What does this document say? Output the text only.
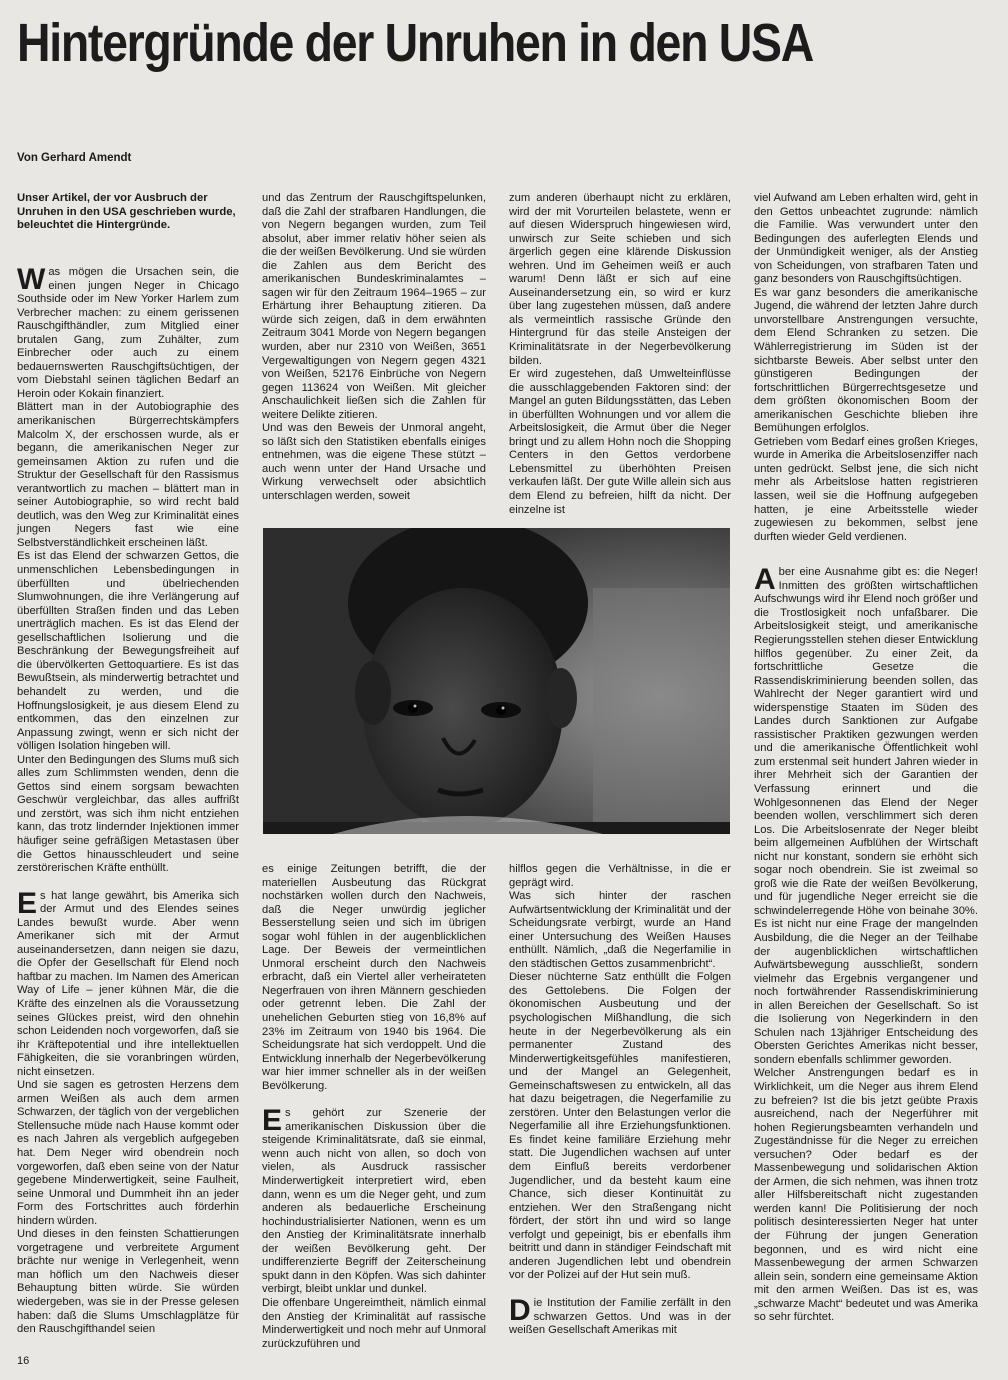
Hintergründe der Unruhen in den USA
Von Gerhard Amendt

Unser Artikel, der vor Ausbruch der Unruhen in den USA geschrieben wurde, beleuchtet die Hintergründe.

Was mögen die Ursachen sein, die einen jungen Neger in Chicago Southside oder im New Yorker Harlem zum Verbrecher machen: zu einem gerissenen Rauschgifthändler, zum Mitglied einer brutalen Gang, zum Zuhälter, zum Einbrecher oder auch zu einem bedauernswerten Rauschgiftsüchtigen, der vom Diebstahl seinen täglichen Bedarf an Heroin oder Kokain finanziert.

Blättert man in der Autobiographie des amerikanischen Bürgerrechtskämpfers Malcolm X, der erschossen wurde, als er begann, die amerikanischen Neger zur gemeinsamen Aktion zu rufen und die Struktur der Gesellschaft für den Rassismus verantwortlich zu machen – blättert man in seiner Autobiographie, so wird recht bald deutlich, was den Weg zur Kriminalität eines jungen Negers fast wie eine Selbstverständlichkeit erscheinen läßt.

Es ist das Elend der schwarzen Gettos, die unmenschlichen Lebensbedingungen in überfüllten und übelriechenden Slumwohnungen, die ihre Verlängerung auf überfüllten Straßen finden und das Leben unerträglich machen. Es ist das Elend der gesellschaftlichen Isolierung und die Beschränkung der Bewegungsfreiheit auf die übervölkerten Gettoquartiere. Es ist das Bewußtsein, als minderwertig betrachtet und behandelt zu werden, und die Hoffnungslosigkeit, je aus diesem Elend zu entkommen, das den einzelnen zur Anpassung zwingt, wenn er sich nicht der völligen Isolation hingeben will.

Unter den Bedingungen des Slums muß sich alles zum Schlimmsten wenden, denn die Gettos sind einem sorgsam bewachten Geschwür vergleichbar, das alles auffrißt und zerstört, was sich ihm nicht entziehen kann, das trotz lindernder Injektionen immer häufiger seine gefräßigen Metastasen über die Gettos hinausschleudert und seine zerstörerischen Kräfte enthüllt.

Es hat lange gewährt, bis Amerika sich der Armut und des Elendes seines Landes bewußt wurde. Aber wenn Amerikaner sich mit der Armut auseinandersetzen, dann neigen sie dazu, die Opfer der Gesellschaft für Elend noch haftbar zu machen. Im Namen des American Way of Life – jener kühnen Mär, die die Kräfte des einzelnen als die Voraussetzung seines Glückes preist, wird den ohnehin schon Leidenden noch vorgeworfen, daß sie ihr Kräftepotential und ihre intellektuellen Fähigkeiten, die sie voranbringen würden, nicht einsetzen.

Und sie sagen es getrosten Herzens dem armen Weißen als auch dem armen Schwarzen, der täglich von der vergeblichen Stellensuche müde nach Hause kommt oder es nach Jahren als vergeblich aufgegeben hat. Dem Neger wird obendrein noch vorgeworfen, daß eben seine von der Natur gegebene Minderwertigkeit, seine Faulheit, seine Unmoral und Dummheit ihn an jeder Form des Fortschrittes auch förderhin hindern würden.

Und dieses in den feinsten Schattierungen vorgetragene und verbreitete Argument brächte nur wenige in Verlegenheit, wenn man höflich um den Nachweis dieser Behauptung bitten würde. Sie würden wiedergeben, was sie in der Presse gelesen haben: daß die Slums Umschlagplätze für den Rauschgifthandel seien

und das Zentrum der Rauschgiftspelunken, daß die Zahl der strafbaren Handlungen, die von Negern begangen wurden, zum Teil absolut, aber immer relativ höher seien als die der weißen Bevölkerung. Und sie würden die Zahlen aus dem Bericht des amerikanischen Bundeskriminalamtes – sagen wir für den Zeitraum 1964–1965 – zur Erhärtung ihrer Behauptung zitieren. Da würde sich zeigen, daß in dem erwähnten Zeitraum 3041 Morde von Negern begangen wurden, aber nur 2310 von Weißen, 3651 Vergewaltigungen von Negern gegen 4321 von Weißen, 52176 Einbrüche von Negern gegen 113624 von Weißen. Mit gleicher Anschaulichkeit ließen sich die Zahlen für weitere Delikte zitieren.

Und was den Beweis der Unmoral angeht, so läßt sich den Statistiken ebenfalls einiges entnehmen, was die eigene These stützt – auch wenn unter der Hand Ursache und Wirkung verwechselt oder absichtlich unterschlagen werden, soweit

zum anderen überhaupt nicht zu erklären, wird der mit Vorurteilen belastete, wenn er auf diesen Widerspruch hingewiesen wird, unwirsch zur Seite schieben und sich ärgerlich gegen eine klärende Diskussion wehren. Und im Geheimen weiß er auch warum! Denn läßt er sich auf eine Auseinandersetzung ein, so wird er kurz über lang zugestehen müssen, daß andere als vermeintlich rassische Gründe den Hintergrund für das steile Ansteigen der Kriminalitätsrate in der Negerbevölkerung bilden.

Er wird zugestehen, daß Umwelteinflüsse die ausschlaggebenden Faktoren sind: der Mangel an guten Bildungsstätten, das Leben in überfüllten Wohnungen und vor allem die Arbeitslosigkeit, die Armut über die Neger bringt und zu allem Hohn noch die Shopping Centers in den Gettos verdorbene Lebensmittel zu überhöhten Preisen verkaufen läßt. Der gute Wille allein sich aus dem Elend zu befreien, hilft da nicht. Der einzelne ist

es einige Zeitungen betrifft, die der materiellen Ausbeutung das Rückgrat nochstärken wollen durch den Nachweis, daß die Neger unwürdig jeglicher Besserstellung seien und sich im übrigen sogar wohl fühlen in der augenblicklichen Lage. Der Beweis der vermeintlichen Unmoral erscheint durch den Nachweis erbracht, daß ein Viertel aller verheirateten Negerfrauen von ihren Männern geschieden oder getrennt leben. Die Zahl der unehelichen Geburten stieg von 16,8% auf 23% im Zeitraum von 1940 bis 1964. Die Scheidungsrate hat sich verdoppelt. Und die Entwicklung innerhalb der Negerbevölkerung war hier immer schneller als in der weißen Bevölkerung.

Es gehört zur Szenerie der amerikanischen Diskussion über die steigende Kriminalitätsrate, daß sie einmal, wenn auch nicht von allen, so doch von vielen, als Ausdruck rassischer Minderwertigkeit interpretiert wird, eben dann, wenn es um die Neger geht, und zum anderen als bedauerliche Erscheinung hochindustrialisierter Nationen, wenn es um den Anstieg der Kriminalitätsrate innerhalb der weißen Bevölkerung geht. Der undifferenzierte Begriff der Zeiterscheinung spukt dann in den Köpfen. Was sich dahinter verbirgt, bleibt unklar und dunkel.

Die offenbare Ungereimtheit, nämlich einmal den Anstieg der Kriminalität auf rassische Minderwertigkeit und noch mehr auf Unmoral zurückzuführen und

hilflos gegen die Verhältnisse, in die er geprägt wird.

Was sich hinter der raschen Aufwärtsentwicklung der Kriminalität und der Scheidungsrate verbirgt, wurde an Hand einer Untersuchung des Weißen Hauses enthüllt. Nämlich, „daß die Negerfamilie in den städtischen Gettos zusammenbricht“.

Dieser nüchterne Satz enthüllt die Folgen des Gettolebens. Die Folgen der ökonomischen Ausbeutung und der psychologischen Mißhandlung, die sich heute in der Negerbevölkerung als ein permanenter Zustand des Minderwertigkeitsgefühles manifestieren, und der Mangel an Gelegenheit, Gemeinschaftswesen zu entwickeln, all das hat dazu beigetragen, die Negerfamilie zu zerstören. Unter den Belastungen verlor die Negerfamilie all ihre Erziehungsfunktionen. Es findet keine familiäre Erziehung mehr statt. Die Jugendlichen wachsen auf unter dem Einfluß bereits verdorbener Jugendlicher, und da besteht kaum eine Chance, sich dieser Kontinuität zu entziehen. Wer den Straßengang nicht fördert, der stört ihn und wird so lange verfolgt und gepeinigt, bis er ebenfalls ihm beitritt und dann in ständiger Feindschaft mit anderen Jugendlichen lebt und obendrein vor der Polizei auf der Hut sein muß.

Die Institution der Familie zerfällt in den schwarzen Gettos. Und was in der weißen Gesellschaft Amerikas mit

viel Aufwand am Leben erhalten wird, geht in den Gettos unbeachtet zugrunde: nämlich die Familie. Was verwundert unter den Bedingungen des auferlegten Elends und der Unmündigkeit weniger, als der Anstieg von Scheidungen, von strafbaren Taten und ganz besonders von Rauschgiftsüchtigen.

Es war ganz besonders die amerikanische Jugend, die während der letzten Jahre durch unvorstellbare Anstrengungen versuchte, dem Elend Schranken zu setzen. Die Wählerregistrierung im Süden ist der sichtbarste Beweis. Aber selbst unter den günstigeren Bedingungen der fortschrittlichen Bürgerrechtsgesetze und dem größten ökonomischen Boom der amerikanischen Geschichte blieben ihre Bemühungen erfolglos.

Getrieben vom Bedarf eines großen Krieges, wurde in Amerika die Arbeitslosenziffer nach unten gedrückt. Selbst jene, die sich nicht mehr als Arbeitslose hatten registrieren lassen, weil sie die Hoffnung aufgegeben hatten, je eine Arbeitsstelle wieder zugewiesen zu bekommen, selbst jene durften wieder Geld verdienen.

Aber eine Ausnahme gibt es: die Neger! Inmitten des größten wirtschaftlichen Aufschwungs wird ihr Elend noch größer und die Trostlosigkeit noch unfaßbarer. Die Arbeitslosigkeit steigt, und amerikanische Regierungsstellen stehen dieser Entwicklung hilflos gegenüber. Zu einer Zeit, da fortschrittliche Gesetze die Rassendiskriminierung beenden sollen, das Wahlrecht der Neger garantiert wird und widerspenstige Staaten im Süden des Landes durch Sanktionen zur Aufgabe rassistischer Praktiken gezwungen werden und die amerikanische Öffentlichkeit wohl zum erstenmal seit hundert Jahren wieder in ihrer Mehrheit sich der Garantien der Verfassung erinnert und die Wohlgesonnenen das Elend der Neger beenden wollen, verschlimmert sich deren Los. Die Arbeitslosenrate der Neger bleibt beim allgemeinen Aufblühen der Wirtschaft nicht nur konstant, sondern sie erhöht sich sogar noch obendrein. Sie ist zweimal so groß wie die Rate der weißen Bevölkerung, und für jugendliche Neger erreicht sie die schwindelerregende Höhe von beinahe 30%. Es ist nicht nur eine Frage der mangelnden Ausbildung, die die Neger an der Teilhabe der augenblicklichen wirtschaftlichen Aufwärtsbewegung ausschließt, sondern vielmehr das Ergebnis vergangener und noch fortwährender Rassendiskriminierung in allen Bereichen der Gesellschaft. So ist die Isolierung von Negerkindern in den Schulen nach 13jähriger Entscheidung des Obersten Gerichtes Amerikas nicht besser, sondern ebenfalls schlimmer geworden.

Welcher Anstrengungen bedarf es in Wirklichkeit, um die Neger aus ihrem Elend zu befreien? Ist die bis jetzt geübte Praxis ausreichend, nach der Negerführer mit hohen Regierungsbeamten verhandeln und Zugeständnisse für die Neger zu erreichen versuchen? Oder bedarf es der Massenbewegung und solidarischen Aktion der Armen, die sich nehmen, was ihnen trotz aller Hilfsbereitschaft nicht zugestanden werden kann! Die Politisierung der noch politisch desinteressierten Neger hat unter der Führung der jungen Generation begonnen, und es wird nicht eine Massenbewegung der armen Schwarzen allein sein, sondern eine gemeinsame Aktion mit den armen Weißen. Das ist es, was „schwarze Macht“ bedeutet und was Amerika so sehr fürchtet.

16
